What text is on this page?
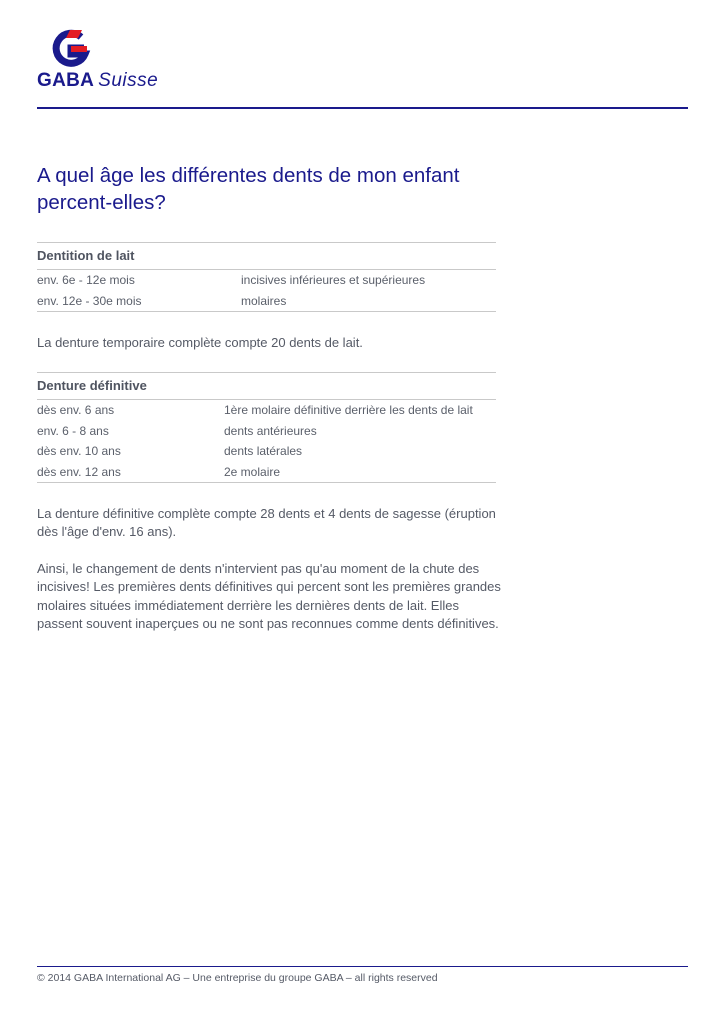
GABA Suisse
A quel âge les différentes dents de mon enfant percent-elles?
Dentition de lait
env. 6e - 12e mois	incisives inférieures et supérieures
env. 12e - 30e mois	molaires

La denture temporaire complète compte 20 dents de lait.

Denture définitive
dès env. 6 ans	1ère molaire définitive derrière les dents de lait
env. 6 - 8 ans	dents antérieures
dès env. 10 ans	dents latérales
dès env. 12 ans	2e molaire

La denture définitive complète compte 28 dents et 4 dents de sagesse (éruption dès l'âge d'env. 16 ans).

Ainsi, le changement de dents n'intervient pas qu'au moment de la chute des incisives! Les premières dents définitives qui percent sont les premières grandes molaires situées immédiatement derrière les dernières dents de lait. Elles passent souvent inaperçues ou ne sont pas reconnues comme dents définitives.

© 2014 GABA International AG – Une entreprise du groupe GABA – all rights reserved
